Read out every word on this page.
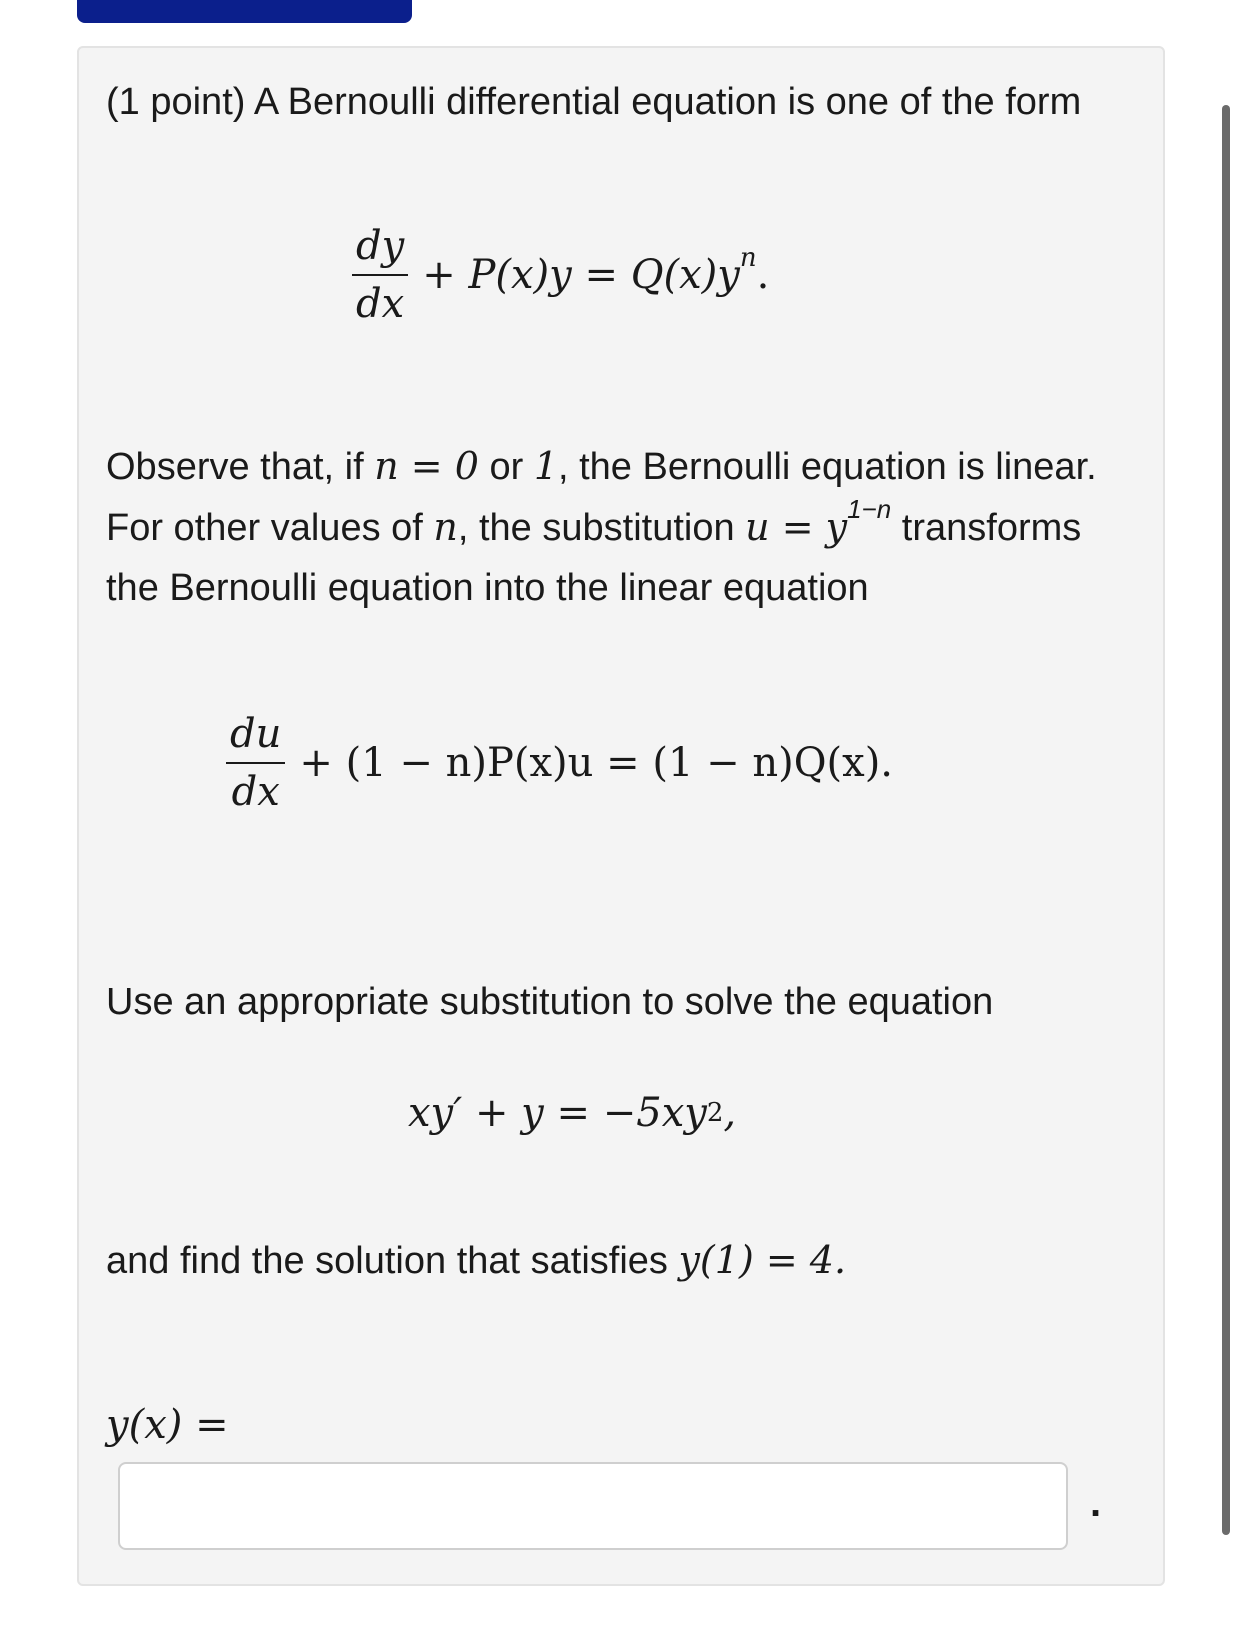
(1 point) A Bernoulli differential equation is one of the form

$\frac{dy}{dx} + P(x)y = Q(x)y^n$.

Observe that, if n = 0 or 1, the Bernoulli equation is linear. For other values of n, the substitution $u = y^{1-n}$ transforms the Bernoulli equation into the linear equation

$\frac{du}{dx} + (1 - n)P(x)u = (1 - n)Q(x)$.

Use an appropriate substitution to solve the equation

xy′ + y = −5xy 2 ,

and find the solution that satisfies y(1) = 4.

y(x) =
.
